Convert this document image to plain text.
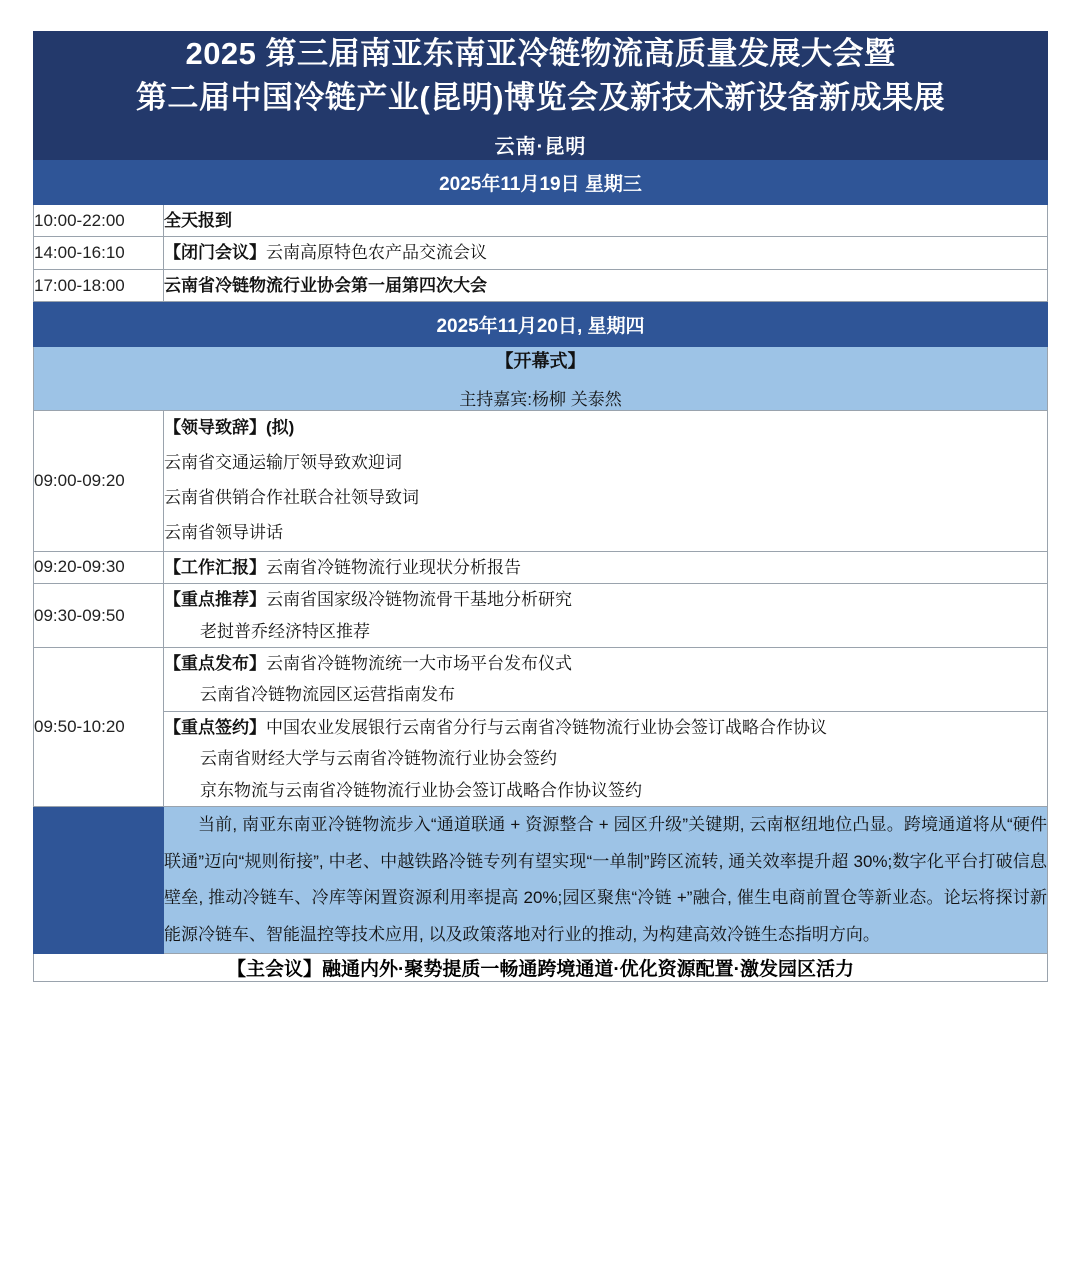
2025 第三届南亚东南亚冷链物流高质量发展大会暨
第二届中国冷链产业(昆明)博览会及新技术新设备新成果展
云南·昆明	

2025年11月19日 星期三	
10:00-22:00	全天报到

14:00-16:10	【闭门会议】云南高原特色农产品交流会议

17:00-18:00	云南省冷链物流行业协会第一届第四次大会

2025年11月20日, 星期四	

【开幕式】
主持嘉宾:杨柳 关泰然	

09:00-09:20	【领导致辞】(拟)
云南省交通运输厅领导致欢迎词
云南省供销合作社联合社领导致词
云南省领导讲话

09:20-09:30	【工作汇报】云南省冷链物流行业现状分析报告

09:30-09:50	【重点推荐】云南省国家级冷链物流骨干基地分析研究
老挝普乔经济特区推荐

09:50-10:20	【重点发布】云南省冷链物流统一大市场平台发布仪式
云南省冷链物流园区运营指南发布

	【重点签约】中国农业发展银行云南省分行与云南省冷链物流行业协会签订战略合作协议
云南省财经大学与云南省冷链物流行业协会签约
京东物流与云南省冷链物流行业协会签订战略合作协议签约

	当前, 南亚东南亚冷链物流步入“通道联通 + 资源整合 + 园区升级”关键期, 云南枢纽地位凸显。跨境通道将从“硬件联通”迈向“规则衔接”, 中老、中越铁路冷链专列有望实现“一单制”跨区流转, 通关效率提升超 30%;数字化平台打破信息壁垒, 推动冷链车、冷库等闲置资源利用率提高 20%;园区聚焦“冷链 +”融合, 催生电商前置仓等新业态。论坛将探讨新能源冷链车、智能温控等技术应用, 以及政策落地对行业的推动, 为构建高效冷链生态指明方向。

【主会议】融通内外·聚势提质一畅通跨境通道·优化资源配置·激发园区活力	
